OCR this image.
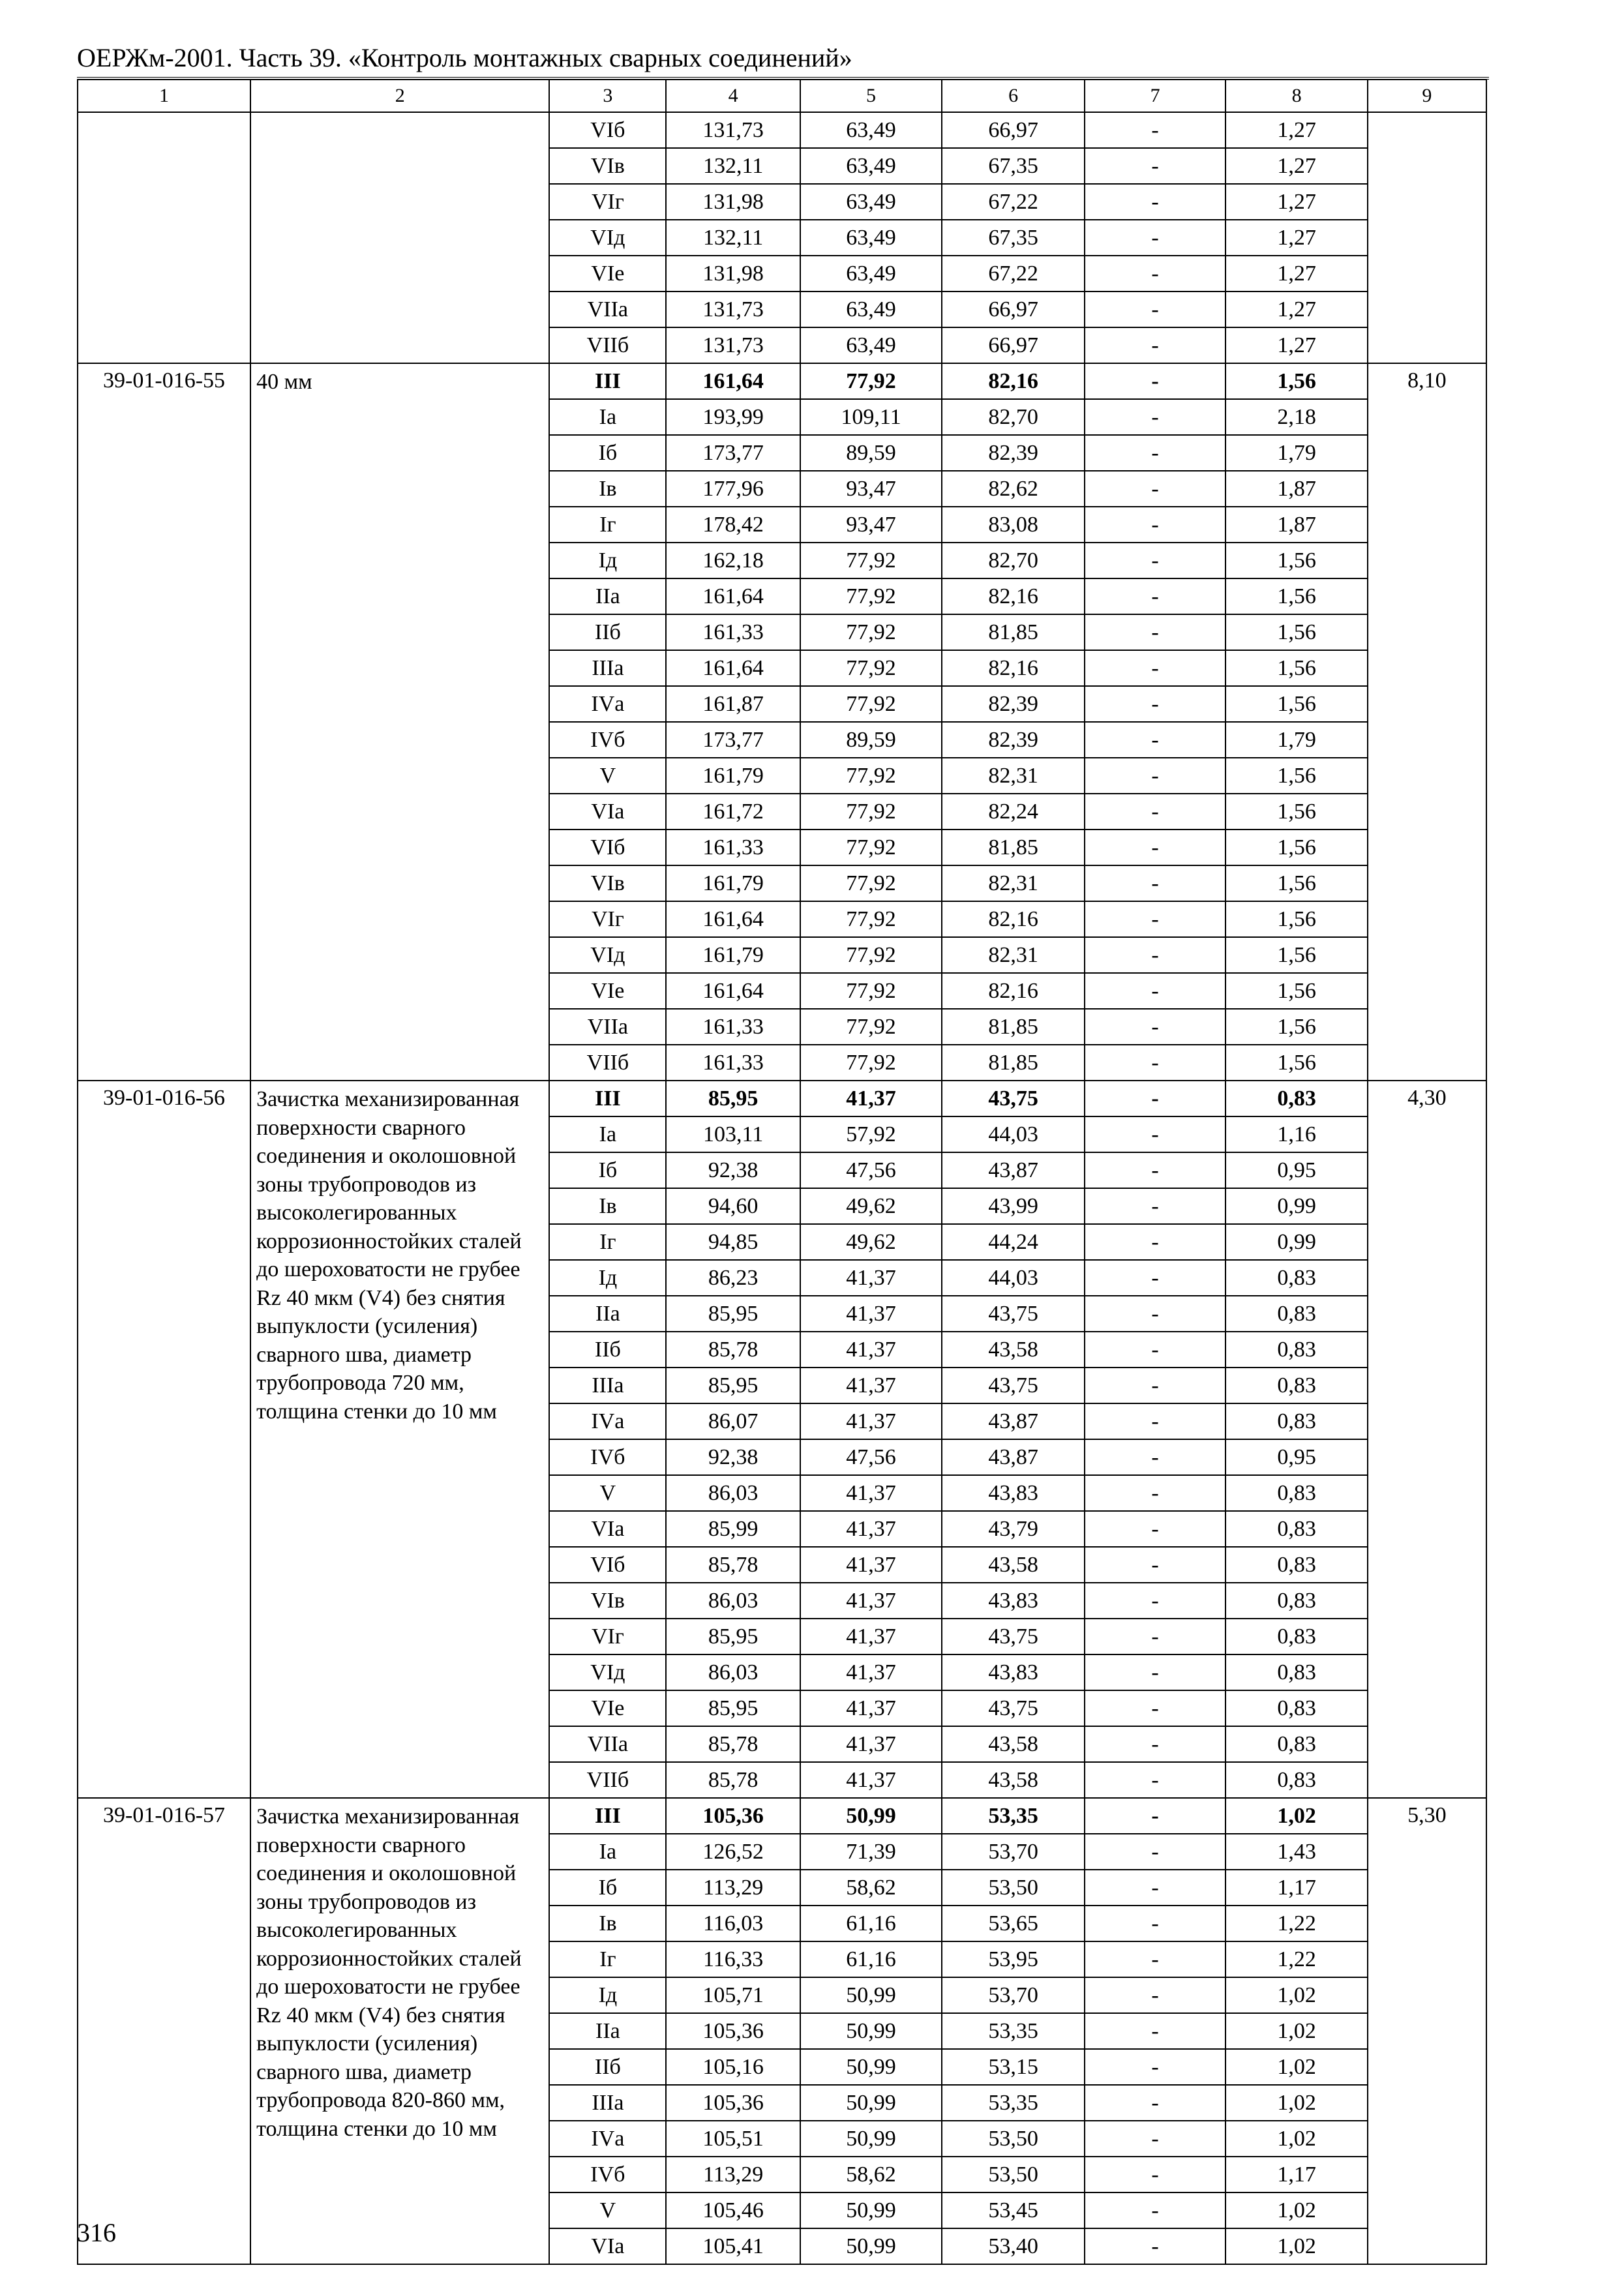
ОЕРЖм-2001. Часть 39. «Контроль монтажных сварных соединений»
1	2	3	4	5	6	7	8	9
		VIб	131,73	63,49	66,97	-	1,27	
		VIв	132,11	63,49	67,35	-	1,27	
		VIг	131,98	63,49	67,22	-	1,27	
		VIд	132,11	63,49	67,35	-	1,27	
		VIе	131,98	63,49	67,22	-	1,27	
		VIIа	131,73	63,49	66,97	-	1,27	
		VIIб	131,73	63,49	66,97	-	1,27	
39-01-016-55	40 мм	III	161,64	77,92	82,16	-	1,56	8,10
		Iа	193,99	109,11	82,70	-	2,18	
		Iб	173,77	89,59	82,39	-	1,79	
		Iв	177,96	93,47	82,62	-	1,87	
		Iг	178,42	93,47	83,08	-	1,87	
		Iд	162,18	77,92	82,70	-	1,56	
		IIа	161,64	77,92	82,16	-	1,56	
		IIб	161,33	77,92	81,85	-	1,56	
		IIIа	161,64	77,92	82,16	-	1,56	
		IVа	161,87	77,92	82,39	-	1,56	
		IVб	173,77	89,59	82,39	-	1,79	
		V	161,79	77,92	82,31	-	1,56	
		VIа	161,72	77,92	82,24	-	1,56	
		VIб	161,33	77,92	81,85	-	1,56	
		VIв	161,79	77,92	82,31	-	1,56	
		VIг	161,64	77,92	82,16	-	1,56	
		VIд	161,79	77,92	82,31	-	1,56	
		VIе	161,64	77,92	82,16	-	1,56	
		VIIа	161,33	77,92	81,85	-	1,56	
		VIIб	161,33	77,92	81,85	-	1,56	
39-01-016-56	Зачистка механизированная поверхности сварного соединения и околошовной зоны трубопроводов из высоколегированных коррозионностойких сталей до шероховатости не грубее Rz 40 мкм (V4) без снятия выпуклости (усиления) сварного шва, диаметр трубопровода 720 мм, толщина стенки до 10 мм	III	85,95	41,37	43,75	-	0,83	4,30
		Iа	103,11	57,92	44,03	-	1,16	
		Iб	92,38	47,56	43,87	-	0,95	
		Iв	94,60	49,62	43,99	-	0,99	
		Iг	94,85	49,62	44,24	-	0,99	
		Iд	86,23	41,37	44,03	-	0,83	
		IIа	85,95	41,37	43,75	-	0,83	
		IIб	85,78	41,37	43,58	-	0,83	
		IIIа	85,95	41,37	43,75	-	0,83	
		IVа	86,07	41,37	43,87	-	0,83	
		IVб	92,38	47,56	43,87	-	0,95	
		V	86,03	41,37	43,83	-	0,83	
		VIа	85,99	41,37	43,79	-	0,83	
		VIб	85,78	41,37	43,58	-	0,83	
		VIв	86,03	41,37	43,83	-	0,83	
		VIг	85,95	41,37	43,75	-	0,83	
		VIд	86,03	41,37	43,83	-	0,83	
		VIе	85,95	41,37	43,75	-	0,83	
		VIIа	85,78	41,37	43,58	-	0,83	
		VIIб	85,78	41,37	43,58	-	0,83	
39-01-016-57	Зачистка механизированная поверхности сварного соединения и околошовной зоны трубопроводов из высоколегированных коррозионностойких сталей до шероховатости не грубее Rz 40 мкм (V4) без снятия выпуклости (усиления) сварного шва, диаметр трубопровода 820-860 мм, толщина стенки до 10 мм	III	105,36	50,99	53,35	-	1,02	5,30
		Iа	126,52	71,39	53,70	-	1,43	
		Iб	113,29	58,62	53,50	-	1,17	
		Iв	116,03	61,16	53,65	-	1,22	
		Iг	116,33	61,16	53,95	-	1,22	
		Iд	105,71	50,99	53,70	-	1,02	
		IIа	105,36	50,99	53,35	-	1,02	
		IIб	105,16	50,99	53,15	-	1,02	
		IIIа	105,36	50,99	53,35	-	1,02	
		IVа	105,51	50,99	53,50	-	1,02	
		IVб	113,29	58,62	53,50	-	1,17	
		V	105,46	50,99	53,45	-	1,02	
		VIа	105,41	50,99	53,40	-	1,02	
316
